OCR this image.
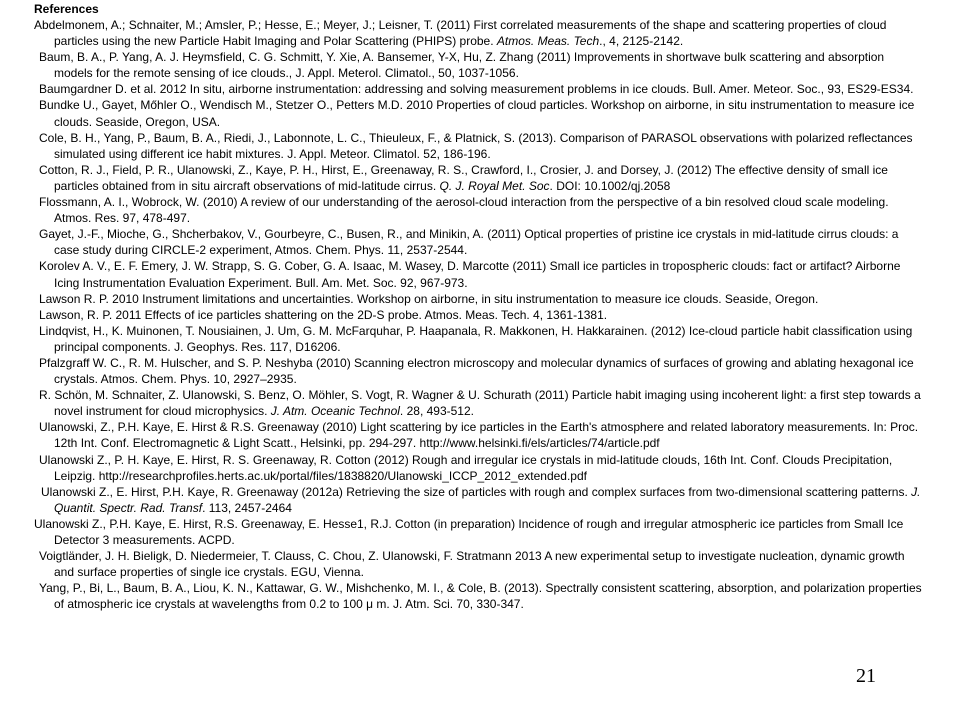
References

Abdelmonem, A.; Schnaiter, M.; Amsler, P.; Hesse, E.; Meyer, J.; Leisner, T. (2011) First correlated measurements of the shape and scattering properties of cloud particles using the new Particle Habit Imaging and Polar Scattering (PHIPS) probe. Atmos. Meas. Tech., 4, 2125-2142.

Baum, B. A., P. Yang, A. J. Heymsfield, C. G. Schmitt, Y. Xie, A. Bansemer, Y-X, Hu, Z. Zhang (2011) Improvements in shortwave bulk scattering and absorption models for the remote sensing of ice clouds., J. Appl. Meterol. Climatol., 50, 1037-1056.

Baumgardner D. et al. 2012 In situ, airborne instrumentation: addressing and solving measurement problems in ice clouds. Bull. Amer. Meteor. Soc., 93, ES29-ES34.

Bundke U., Gayet, Mőhler O., Wendisch M., Stetzer O., Petters M.D. 2010 Properties of cloud particles. Workshop on airborne, in situ instrumentation to measure ice clouds. Seaside, Oregon, USA.

Cole, B. H., Yang, P., Baum, B. A., Riedi, J., Labonnote, L. C., Thieuleux, F., & Platnick, S. (2013). Comparison of PARASOL observations with polarized reflectances simulated using different ice habit mixtures. J. Appl. Meteor. Climatol. 52, 186-196.

Cotton, R. J., Field, P. R., Ulanowski, Z., Kaye, P. H., Hirst, E., Greenaway, R. S., Crawford, I., Crosier, J. and Dorsey, J. (2012) The effective density of small ice particles obtained from in situ aircraft observations of mid-latitude cirrus. Q. J. Royal Met. Soc. DOI: 10.1002/qj.2058

Flossmann, A. I., Wobrock, W. (2010) A review of our understanding of the aerosol-cloud interaction from the perspective of a bin resolved cloud scale modeling. Atmos. Res. 97, 478-497.

Gayet, J.-F., Mioche, G., Shcherbakov, V., Gourbeyre, C., Busen, R., and Minikin, A. (2011) Optical properties of pristine ice crystals in mid-latitude cirrus clouds: a case study during CIRCLE-2 experiment, Atmos. Chem. Phys. 11, 2537-2544.

Korolev A. V., E. F. Emery, J. W. Strapp, S. G. Cober, G. A. Isaac, M. Wasey, D. Marcotte (2011) Small ice particles in tropospheric clouds: fact or artifact? Airborne Icing Instrumentation Evaluation Experiment. Bull. Am. Met. Soc. 92, 967-973.

Lawson R. P. 2010 Instrument limitations and uncertainties. Workshop on airborne, in situ instrumentation to measure ice clouds. Seaside, Oregon.

Lawson, R. P. 2011 Effects of ice particles shattering on the 2D-S probe. Atmos. Meas. Tech. 4, 1361-1381.

Lindqvist, H., K. Muinonen, T. Nousiainen, J. Um, G. M. McFarquhar, P. Haapanala, R. Makkonen, H. Hakkarainen. (2012) Ice-cloud particle habit classification using principal components. J. Geophys. Res. 117, D16206.

Pfalzgraff W. C., R. M. Hulscher, and S. P. Neshyba (2010) Scanning electron microscopy and molecular dynamics of surfaces of growing and ablating hexagonal ice crystals. Atmos. Chem. Phys. 10, 2927–2935.

R. Schön, M. Schnaiter, Z. Ulanowski, S. Benz, O. Möhler, S. Vogt, R. Wagner & U. Schurath (2011) Particle habit imaging using incoherent light: a first step towards a novel instrument for cloud microphysics. J. Atm. Oceanic Technol. 28, 493-512.

Ulanowski, Z., P.H. Kaye, E. Hirst & R.S. Greenaway (2010) Light scattering by ice particles in the Earth's atmosphere and related laboratory measurements. In: Proc. 12th Int. Conf. Electromagnetic & Light Scatt., Helsinki, pp. 294-297. http://www.helsinki.fi/els/articles/74/article.pdf

Ulanowski Z., P. H. Kaye, E. Hirst, R. S. Greenaway, R. Cotton (2012) Rough and irregular ice crystals in mid-latitude clouds, 16th Int. Conf. Clouds Precipitation, Leipzig. http://researchprofiles.herts.ac.uk/portal/files/1838820/Ulanowski_ICCP_2012_extended.pdf

Ulanowski Z., E. Hirst, P.H. Kaye, R. Greenaway (2012a) Retrieving the size of particles with rough and complex surfaces from two-dimensional scattering patterns. J. Quantit. Spectr. Rad. Transf. 113, 2457-2464

Ulanowski Z., P.H. Kaye, E. Hirst, R.S. Greenaway, E. Hesse1, R.J. Cotton (in preparation) Incidence of rough and irregular atmospheric ice particles from Small Ice Detector 3 measurements. ACPD.

Voigtländer, J. H. Bieligk, D. Niedermeier, T. Clauss, C. Chou, Z. Ulanowski, F. Stratmann 2013 A new experimental setup to investigate nucleation, dynamic growth and surface properties of single ice crystals. EGU, Vienna.

Yang, P., Bi, L., Baum, B. A., Liou, K. N., Kattawar, G. W., Mishchenko, M. I., & Cole, B. (2013). Spectrally consistent scattering, absorption, and polarization properties of atmospheric ice crystals at wavelengths from 0.2 to 100 μ m. J. Atm. Sci. 70, 330-347.

21
